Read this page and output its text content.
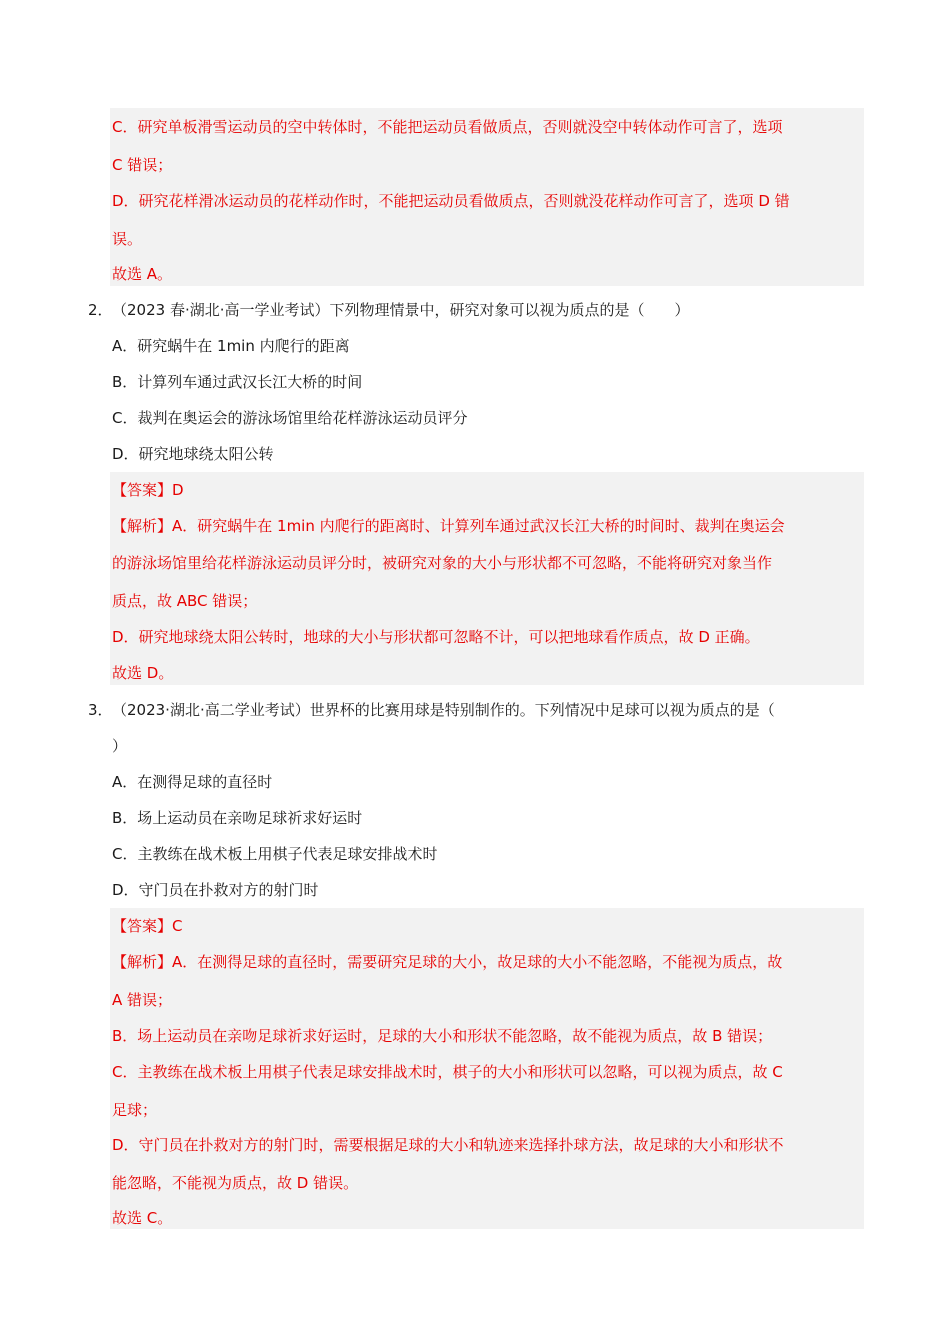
C．研究单板滑雪运动员的空中转体时，不能把运动员看做质点，否则就没空中转体动作可言了，选项
C 错误；
D．研究花样滑冰运动员的花样动作时，不能把运动员看做质点，否则就没花样动作可言了，选项 D 错
误。
故选 A。
2． （2023 春·湖北·高一学业考试）下列物理情景中，研究对象可以视为质点的是（　　）
A．研究蜗牛在 1min 内爬行的距离
B．计算列车通过武汉长江大桥的时间
C．裁判在奥运会的游泳场馆里给花样游泳运动员评分
D．研究地球绕太阳公转
【答案】D
【解析】A．研究蜗牛在 1min 内爬行的距离时、计算列车通过武汉长江大桥的时间时、裁判在奥运会
的游泳场馆里给花样游泳运动员评分时，被研究对象的大小与形状都不可忽略，不能将研究对象当作
质点，故 ABC 错误；
D．研究地球绕太阳公转时，地球的大小与形状都可忽略不计，可以把地球看作质点，故 D 正确。
故选 D。
3． （2023·湖北·高二学业考试）世界杯的比赛用球是特别制作的。下列情况中足球可以视为质点的是（
）
A．在测得足球的直径时
B．场上运动员在亲吻足球祈求好运时
C．主教练在战术板上用棋子代表足球安排战术时
D．守门员在扑救对方的射门时
【答案】C
【解析】A．在测得足球的直径时，需要研究足球的大小，故足球的大小不能忽略，不能视为质点，故
A 错误；
B．场上运动员在亲吻足球祈求好运时，足球的大小和形状不能忽略，故不能视为质点，故 B 错误；
C．主教练在战术板上用棋子代表足球安排战术时，棋子的大小和形状可以忽略，可以视为质点，故 C
足球；
D．守门员在扑救对方的射门时，需要根据足球的大小和轨迹来选择扑球方法，故足球的大小和形状不
能忽略，不能视为质点，故 D 错误。
故选 C。
